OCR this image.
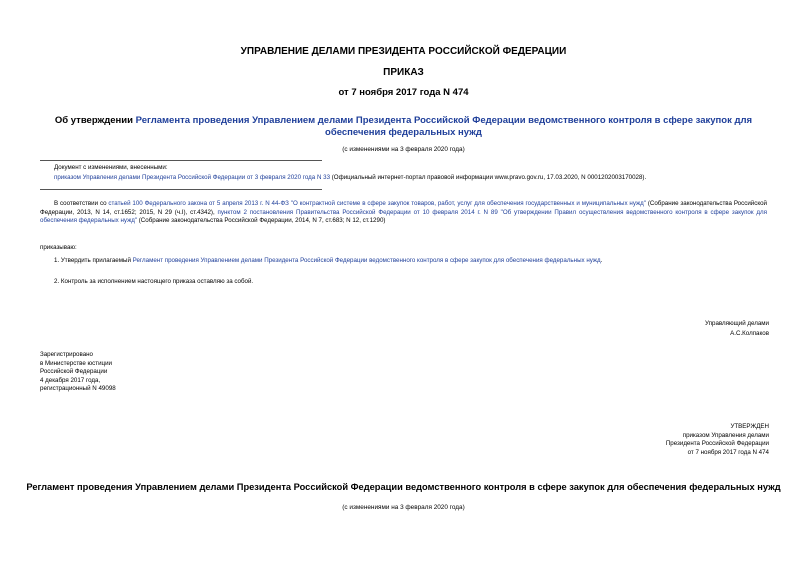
УПРАВЛЕНИЕ ДЕЛАМИ ПРЕЗИДЕНТА РОССИЙСКОЙ ФЕДЕРАЦИИ
ПРИКАЗ
от 7 ноября 2017 года N 474
Об утверждении Регламента проведения Управлением делами Президента Российской Федерации ведомственного контроля в сфере закупок для обеспечения федеральных нужд
(с изменениями на 3 февраля 2020 года)
Документ с изменениями, внесенными:
приказом Управления делами Президента Российской Федерации от 3 февраля 2020 года N 33 (Официальный интернет-портал правовой информации www.pravo.gov.ru, 17.03.2020, N 0001202003170028).
В соответствии со статьей 100 Федерального закона от 5 апреля 2013 г. N 44-ФЗ "О контрактной системе в сфере закупок товаров, работ, услуг для обеспечения государственных и муниципальных нужд" (Собрание законодательства Российской Федерации, 2013, N 14, ст.1652; 2015, N 29 (ч.I), ст.4342), пунктом 2 постановления Правительства Российской Федерации от 10 февраля 2014 г. N 89 "Об утверждении Правил осуществления ведомственного контроля в сфере закупок для обеспечения федеральных нужд" (Собрание законодательства Российской Федерации, 2014, N 7, ст.683; N 12, ст.1290)
приказываю:
1. Утвердить прилагаемый Регламент проведения Управлением делами Президента Российской Федерации ведомственного контроля в сфере закупок для обеспечения федеральных нужд.
2. Контроль за исполнением настоящего приказа оставляю за собой.
Управляющий делами
А.С.Колпаков
Зарегистрировано
в Министерстве юстиции
Российской Федерации
4 декабря 2017 года,
регистрационный N 49098
УТВЕРЖДЕН
приказом Управления делами
Президента Российской Федерации
от 7 ноября 2017 года N 474
Регламент проведения Управлением делами Президента Российской Федерации ведомственного контроля в сфере закупок для обеспечения федеральных нужд
(с изменениями на 3 февраля 2020 года)
